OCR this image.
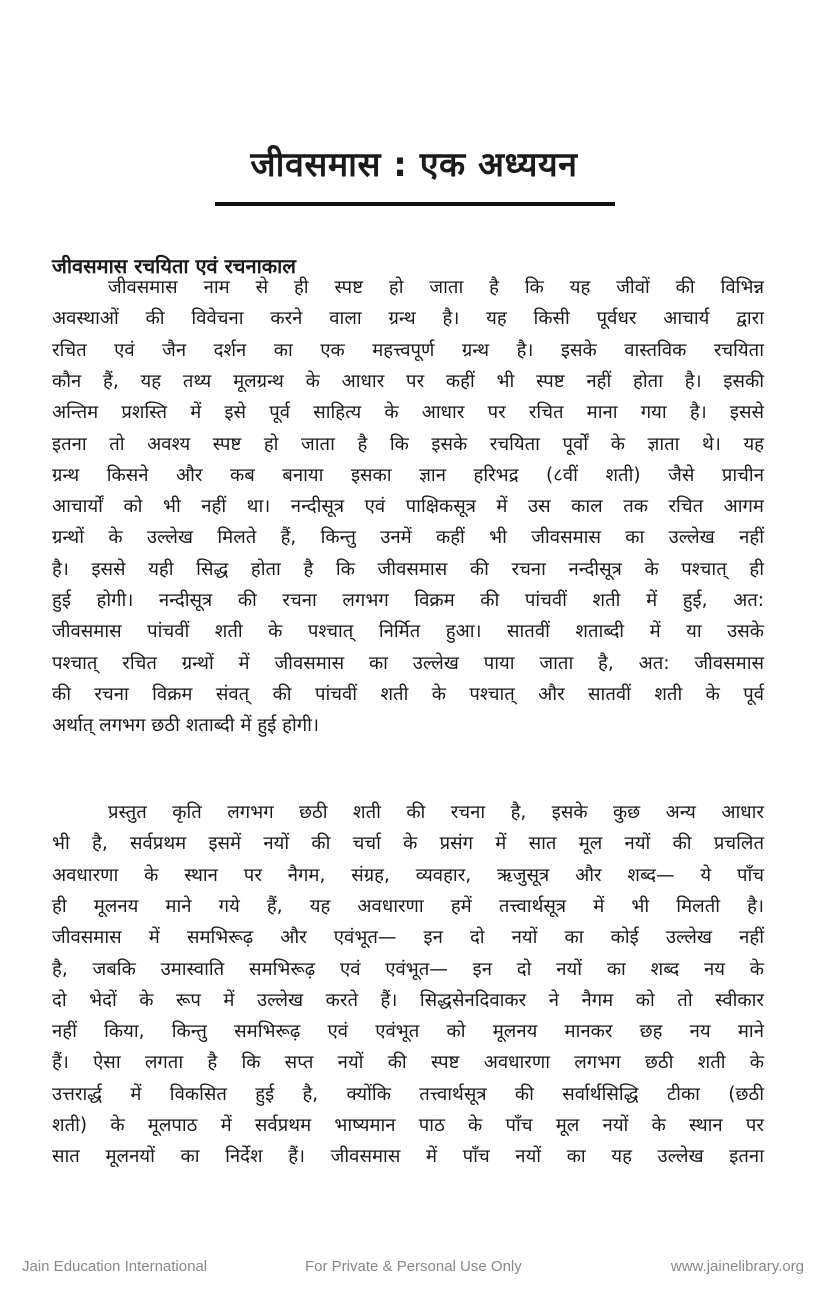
जीवसमास : एक अध्ययन
जीवसमास रचयिता एवं रचनाकाल
जीवसमास नाम से ही स्पष्ट हो जाता है कि यह जीवों की विभिन्न
अवस्थाओं की विवेचना करने वाला ग्रन्थ है। यह किसी पूर्वधर आचार्य द्वारा
रचित एवं जैन दर्शन का एक महत्त्वपूर्ण ग्रन्थ है। इसके वास्तविक रचयिता
कौन हैं, यह तथ्य मूलग्रन्थ के आधार पर कहीं भी स्पष्ट नहीं होता है। इसकी
अन्तिम प्रशस्ति में इसे पूर्व साहित्य के आधार पर रचित माना गया है। इससे
इतना तो अवश्य स्पष्ट हो जाता है कि इसके रचयिता पूर्वों के ज्ञाता थे। यह
ग्रन्थ किसने और कब बनाया इसका ज्ञान हरिभद्र (८वीं शती) जैसे प्राचीन
आचार्यों को भी नहीं था। नन्दीसूत्र एवं पाक्षिकसूत्र में उस काल तक रचित आगम
ग्रन्थों के उल्लेख मिलते हैं, किन्तु उनमें कहीं भी जीवसमास का उल्लेख नहीं
है। इससे यही सिद्ध होता है कि जीवसमास की रचना नन्दीसूत्र के पश्चात् ही
हुई होगी। नन्दीसूत्र की रचना लगभग विक्रम की पांचवीं शती में हुई, अत:
जीवसमास पांचवीं शती के पश्चात् निर्मित हुआ। सातवीं शताब्दी में या उसके
पश्चात् रचित ग्रन्थों में जीवसमास का उल्लेख पाया जाता है, अत: जीवसमास
की रचना विक्रम संवत् की पांचवीं शती के पश्चात् और सातवीं शती के पूर्व
अर्थात् लगभग छठी शताब्दी में हुई होगी।
प्रस्तुत कृति लगभग छठी शती की रचना है, इसके कुछ अन्य आधार
भी है, सर्वप्रथम इसमें नयों की चर्चा के प्रसंग में सात मूल नयों की प्रचलित
अवधारणा के स्थान पर नैगम, संग्रह, व्यवहार, ऋजुसूत्र और शब्द— ये पाँच
ही मूलनय माने गये हैं, यह अवधारणा हमें तत्त्वार्थसूत्र में भी मिलती है।
जीवसमास में समभिरूढ़ और एवंभूत— इन दो नयों का कोई उल्लेख नहीं
है, जबकि उमास्वाति समभिरूढ़ एवं एवंभूत— इन दो नयों का शब्द नय के
दो भेदों के रूप में उल्लेख करते हैं। सिद्धसेनदिवाकर ने नैगम को तो स्वीकार
नहीं किया, किन्तु समभिरूढ़ एवं एवंभूत को मूलनय मानकर छह नय माने
हैं। ऐसा लगता है कि सप्त नयों की स्पष्ट अवधारणा लगभग छठी शती के
उत्तरार्द्ध में विकसित हुई है, क्योंकि तत्त्वार्थसूत्र की सर्वार्थसिद्धि टीका (छठी
शती) के मूलपाठ में सर्वप्रथम भाष्यमान पाठ के पाँच मूल नयों के स्थान पर
सात मूलनयों का निर्देश हैं। जीवसमास में पाँच नयों का यह उल्लेख इतना
Jain Education International	For Private & Personal Use Only	www.jainelibrary.org
